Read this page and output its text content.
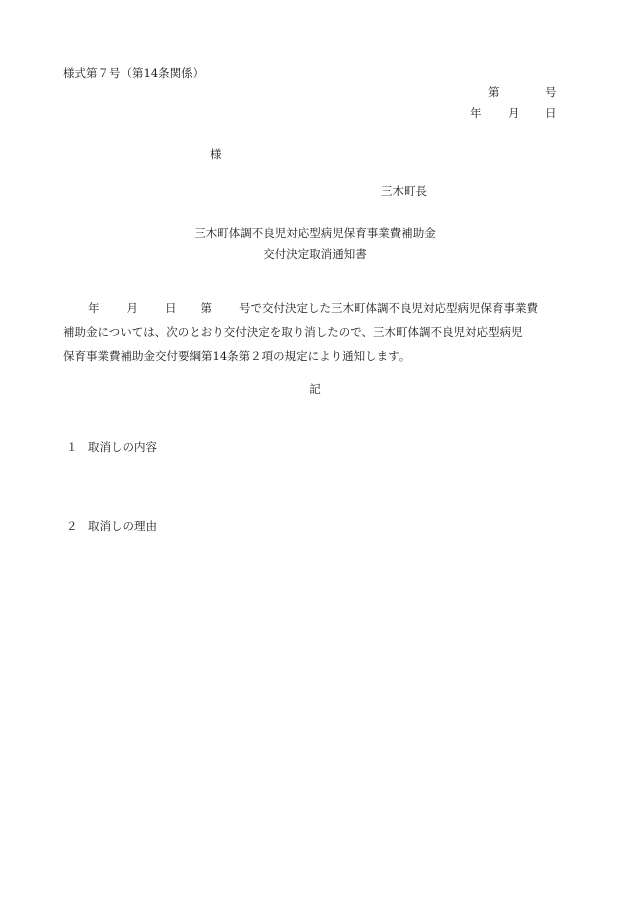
様式第７号（第14条関係）
第	号
年 月 日
様
三木町長
三木町体調不良児対応型病児保育事業費補助金
交付決定取消通知書
年 月 日 第 号で交付決定した三木町体調不良児対応型病児保育事業費
補助金については、次のとおり交付決定を取り消したので、三木町体調不良児対応型病児
保育事業費補助金交付要綱第14条第２項の規定により通知します。
記
１ 取消しの内容
２ 取消しの理由
